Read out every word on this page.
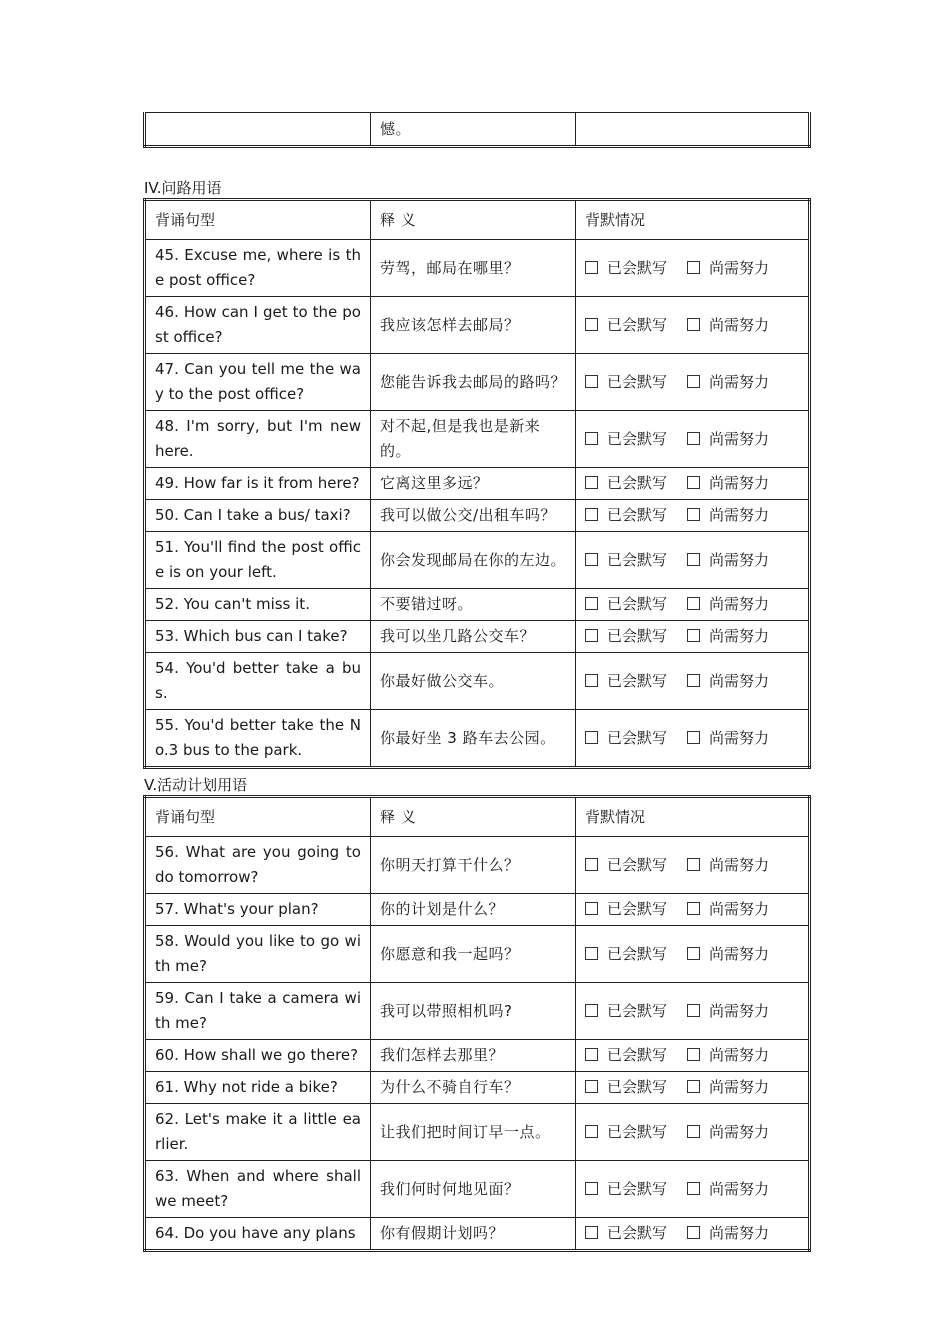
	憾。	
IV.问路用语
背诵句型	释 义	背默情况
45. Excuse me, where is the post office?	劳驾，邮局在哪里？	已会默写 尚需努力
46. How can I get to the post office?	我应该怎样去邮局？	已会默写 尚需努力
47. Can you tell me the way to the post office?	您能告诉我去邮局的路吗？	已会默写 尚需努力
48. I'm sorry, but I'm new here.	对不起,但是我也是新来的。	已会默写 尚需努力
49. How far is it from here?	它离这里多远？	已会默写 尚需努力
50. Can I take a bus/ taxi?	我可以做公交/出租车吗？	已会默写 尚需努力
51. You'll find the post office is on your left.	你会发现邮局在你的左边。	已会默写 尚需努力
52. You can't miss it.	不要错过呀。	已会默写 尚需努力
53. Which bus can I take?	我可以坐几路公交车？	已会默写 尚需努力
54. You'd better take a bus.	你最好做公交车。	已会默写 尚需努力
55. You'd better take the No.3 bus to the park.	你最好坐 3 路车去公园。	已会默写 尚需努力
V.活动计划用语
背诵句型	释 义	背默情况
56. What are you going to do tomorrow?	你明天打算干什么？	已会默写 尚需努力
57. What's your plan?	你的计划是什么？	已会默写 尚需努力
58. Would you like to go with me?	你愿意和我一起吗？	已会默写 尚需努力
59. Can I take a camera with me?	我可以带照相机吗?	已会默写 尚需努力
60. How shall we go there?	我们怎样去那里？	已会默写 尚需努力
61. Why not ride a bike?	为什么不骑自行车？	已会默写 尚需努力
62. Let's make it a little earlier.	让我们把时间订早一点。	已会默写 尚需努力
63. When and where shall we meet?	我们何时何地见面？	已会默写 尚需努力
64. Do you have any plans	你有假期计划吗？	已会默写 尚需努力
